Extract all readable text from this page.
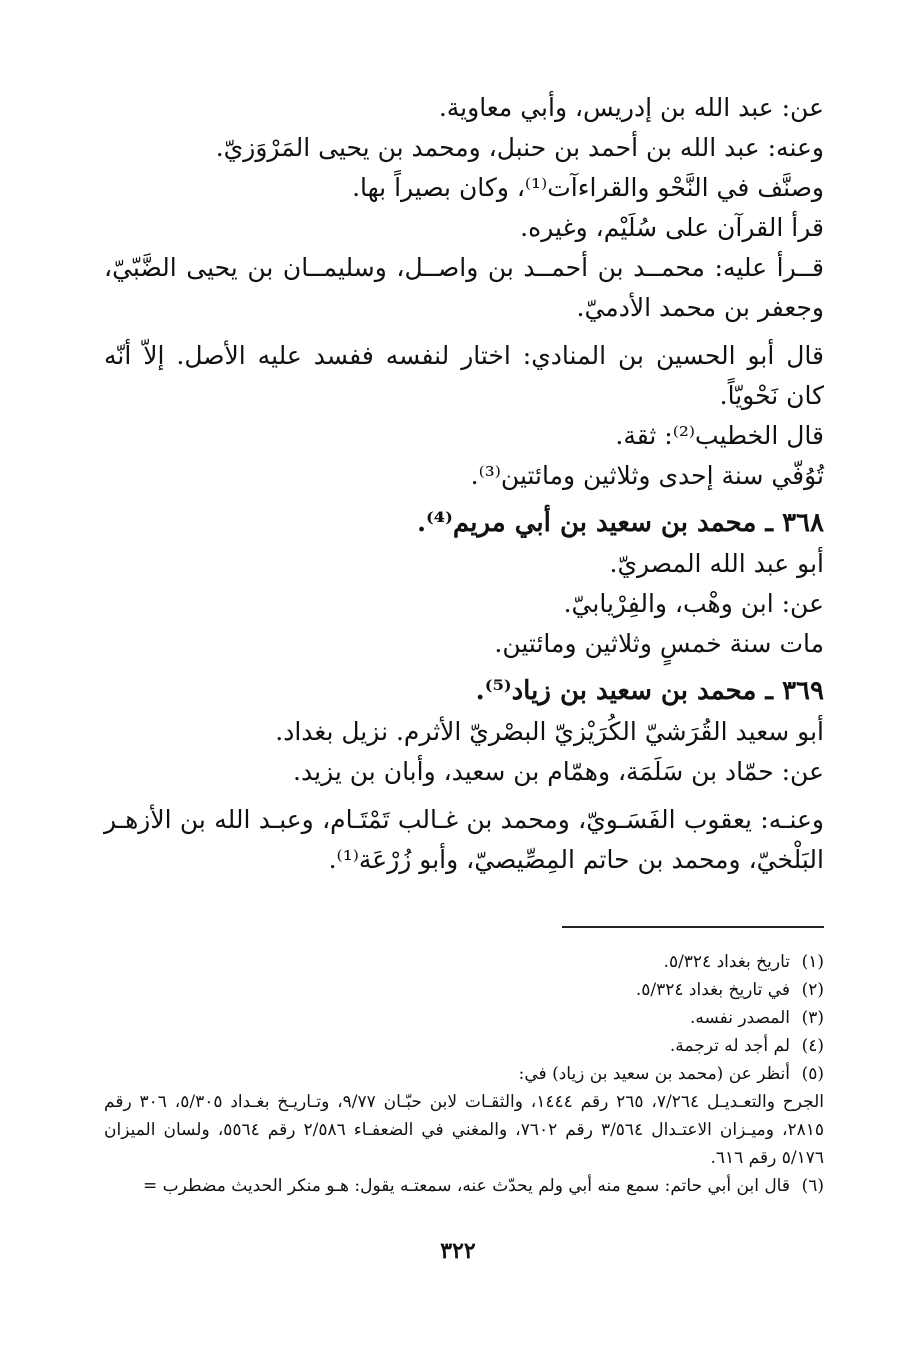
عن: عبد الله بن إدريس، وأبي معاوية.
وعنه: عبد الله بن أحمد بن حنبل، ومحمد بن يحيى المَرْوَزيّ.
وصنَّف في النَّحْو والقراءآت⁽¹⁾، وكان بصيراً بها.
قرأ القرآن على سُلَيْم، وغيره.
قــرأ عليه: محمــد بن أحمــد بن واصــل، وسليمــان بن يحيى الضَّبّيّ، وجعفر بن محمد الأدميّ.
قال أبو الحسين بن المنادي: اختار لنفسه ففسد عليه الأصل. إلاّ أنّه كان نَحْويّاً.
قال الخطيب⁽²⁾: ثقة.
تُوُفّي سنة إحدى وثلاثين ومائتين⁽³⁾.
٣٦٨ ـ محمد بن سعيد بن أبي مريم⁽⁴⁾.
أبو عبد الله المصريّ.
عن: ابن وهْب، والفِرْيابيّ.
مات سنة خمسٍ وثلاثين ومائتين.
٣٦٩ ـ محمد بن سعيد بن زياد⁽⁵⁾.
أبو سعيد القُرَشيّ الكُرَيْزيّ البصْريّ الأثرم. نزيل بغداد.
عن: حمّاد بن سَلَمَة، وهمّام بن سعيد، وأبان بن يزيد.
وعنـه: يعقوب الفَسَـويّ، ومحمد بن غـالب تَمْتَـام، وعبـد الله بن الأزهـر البَلْخيّ، ومحمد بن حاتم المِصِّيصيّ، وأبو زُرْعَة⁽¹⁾.
(١)
تاريخ بغداد ٥/٣٢٤.
(٢)
في تاريخ بغداد ٥/٣٢٤.
(٣)
المصدر نفسه.
(٤)
لم أجد له ترجمة.
(٥)
أنظر عن (محمد بن سعيد بن زياد) في:
الجرح والتعـديـل ٧/٢٦٤، ٢٦٥ رقم ١٤٤٤، والثقـات لابن حبّـان ٩/٧٧، وتـاريـخ بغـداد ٥/٣٠٥، ٣٠٦ رقم ٢٨١٥، وميـزان الاعتـدال ٣/٥٦٤ رقم ٧٦٠٢، والمغني في الضعفـاء ٢/٥٨٦ رقم ٥٥٦٤، ولسان الميزان ٥/١٧٦ رقم ٦١٦.
(٦)
قال ابن أبي حاتم: سمع منه أبي ولم يحدّث عنه، سمعتـه يقول: هـو منكر الحديث مضطرب =
٣٢٢
